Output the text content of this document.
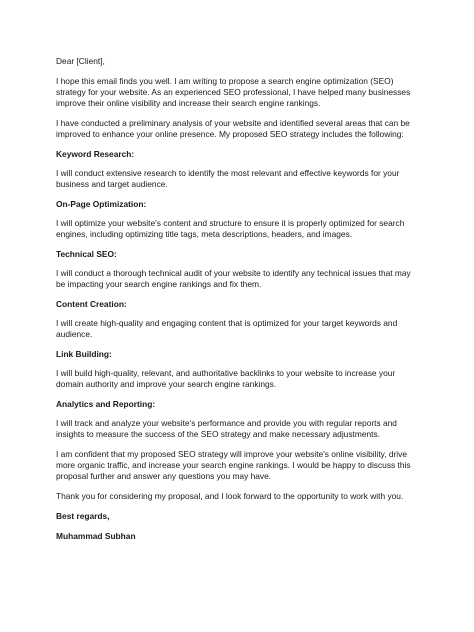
Dear [Client],

I hope this email finds you well. I am writing to propose a search engine optimization (SEO) strategy for your website. As an experienced SEO professional, I have helped many businesses improve their online visibility and increase their search engine rankings.

I have conducted a preliminary analysis of your website and identified several areas that can be improved to enhance your online presence. My proposed SEO strategy includes the following:

Keyword Research:

I will conduct extensive research to identify the most relevant and effective keywords for your business and target audience.

On-Page Optimization:

I will optimize your website's content and structure to ensure it is properly optimized for search engines, including optimizing title tags, meta descriptions, headers, and images.

Technical SEO:

I will conduct a thorough technical audit of your website to identify any technical issues that may be impacting your search engine rankings and fix them.

Content Creation:

I will create high-quality and engaging content that is optimized for your target keywords and audience.

Link Building:

I will build high-quality, relevant, and authoritative backlinks to your website to increase your domain authority and improve your search engine rankings.

Analytics and Reporting:

I will track and analyze your website's performance and provide you with regular reports and insights to measure the success of the SEO strategy and make necessary adjustments.

I am confident that my proposed SEO strategy will improve your website's online visibility, drive more organic traffic, and increase your search engine rankings. I would be happy to discuss this proposal further and answer any questions you may have.

Thank you for considering my proposal, and I look forward to the opportunity to work with you.

Best regards,

Muhammad Subhan
